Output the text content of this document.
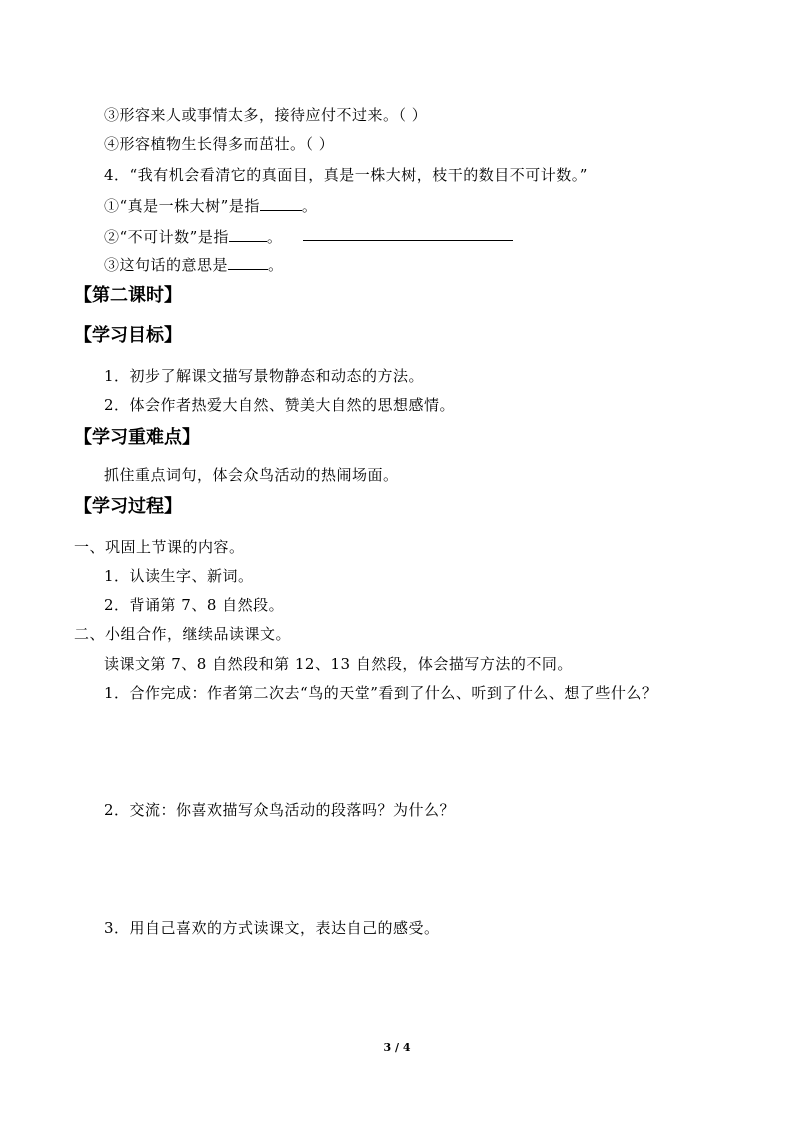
③形容来人或事情太多，接待应付不过来。（ ）
④形容植物生长得多而茁壮。（ ）
4．“我有机会看清它的真面目，真是一株大树，枝干的数目不可计数。”
①“真是一株大树”是指	。
②“不可计数”是指	。
③这句话的意思是	。
【第二课时】
【学习目标】
1．初步了解课文描写景物静态和动态的方法。
2．体会作者热爱大自然、赞美大自然的思想感情。
【学习重难点】
抓住重点词句，体会众鸟活动的热闹场面。
【学习过程】
一、巩固上节课的内容。
1．认读生字、新词。
2．背诵第 7、8 自然段。
二、小组合作，继续品读课文。
读课文第 7、8 自然段和第 12、13 自然段，体会描写方法的不同。
1．合作完成：作者第二次去“鸟的天堂”看到了什么、听到了什么、想了些什么？
2．交流：你喜欢描写众鸟活动的段落吗？为什么？
3．用自己喜欢的方式读课文，表达自己的感受。
3 / 4
